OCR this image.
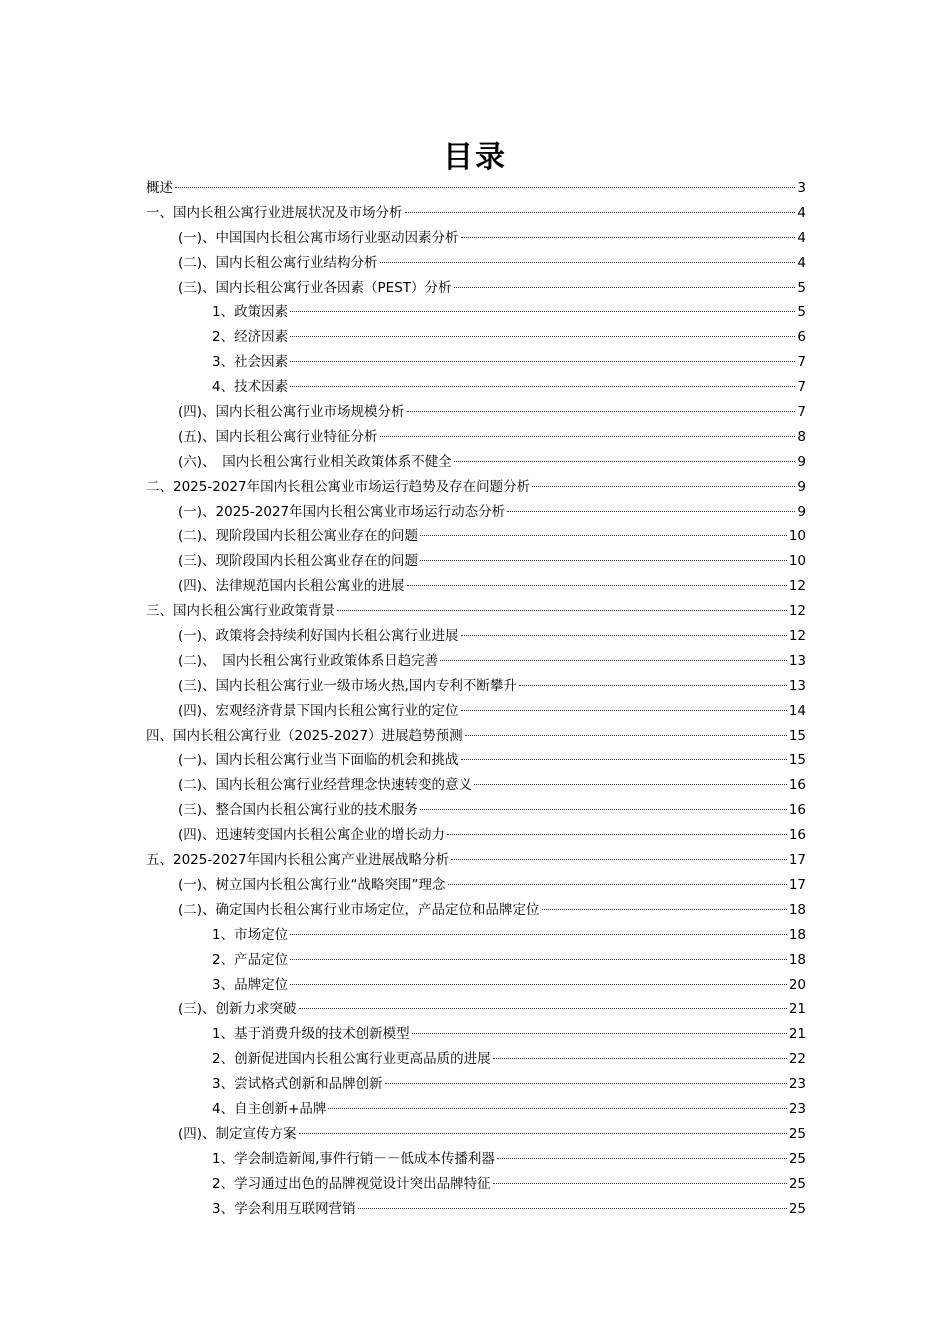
目录
概述	3
一、国内长租公寓行业进展状况及市场分析	4
(一)、中国国内长租公寓市场行业驱动因素分析	4
(二)、国内长租公寓行业结构分析	4
(三)、国内长租公寓行业各因素（PEST）分析	5
1、政策因素	5
2、经济因素	6
3、社会因素	7
4、技术因素	7
(四)、国内长租公寓行业市场规模分析	7
(五)、国内长租公寓行业特征分析	8
(六)、　国内长租公寓行业相关政策体系不健全	9
二、2025-2027年国内长租公寓业市场运行趋势及存在问题分析	9
(一)、2025-2027年国内长租公寓业市场运行动态分析	9
(二)、现阶段国内长租公寓业存在的问题	10
(三)、现阶段国内长租公寓业存在的问题	10
(四)、法律规范国内长租公寓业的进展	12
三、国内长租公寓行业政策背景	12
(一)、政策将会持续利好国内长租公寓行业进展	12
(二)、　国内长租公寓行业政策体系日趋完善	13
(三)、国内长租公寓行业一级市场火热,国内专利不断攀升	13
(四)、宏观经济背景下国内长租公寓行业的定位	14
四、国内长租公寓行业（2025-2027）进展趋势预测	15
(一)、国内长租公寓行业当下面临的机会和挑战	15
(二)、国内长租公寓行业经营理念快速转变的意义	16
(三)、整合国内长租公寓行业的技术服务	16
(四)、迅速转变国内长租公寓企业的增长动力	16
五、2025-2027年国内长租公寓产业进展战略分析	17
(一)、树立国内长租公寓行业“战略突围”理念	17
(二)、确定国内长租公寓行业市场定位，产品定位和品牌定位	18
1、市场定位	18
2、产品定位	18
3、品牌定位	20
(三)、创新力求突破	21
1、基于消费升级的技术创新模型	21
2、创新促进国内长租公寓行业更高品质的进展	22
3、尝试格式创新和品牌创新	23
4、自主创新+品牌	23
(四)、制定宣传方案	25
1、学会制造新闻,事件行销－－低成本传播利器	25
2、学习通过出色的品牌视觉设计突出品牌特征	25
3、学会利用互联网营销	25
